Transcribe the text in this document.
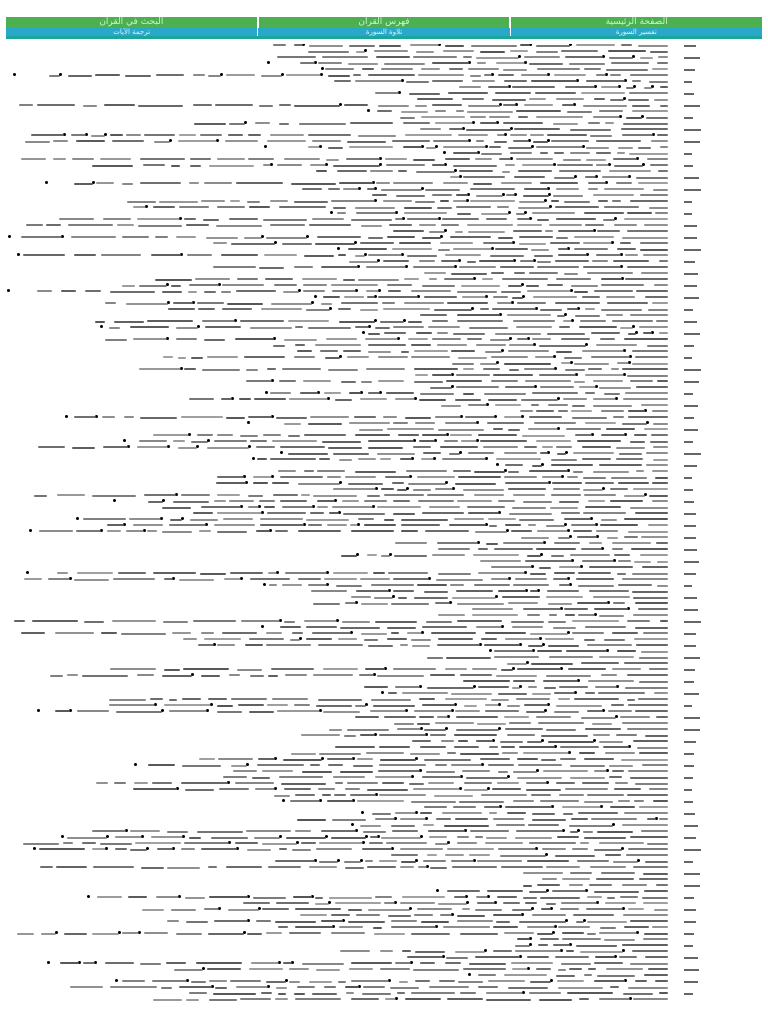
الصفحة الرئيسية
فهرس القرآن
البحث في القرآن
تفسير السورة
تلاوة السورة
ترجمة الآيات
